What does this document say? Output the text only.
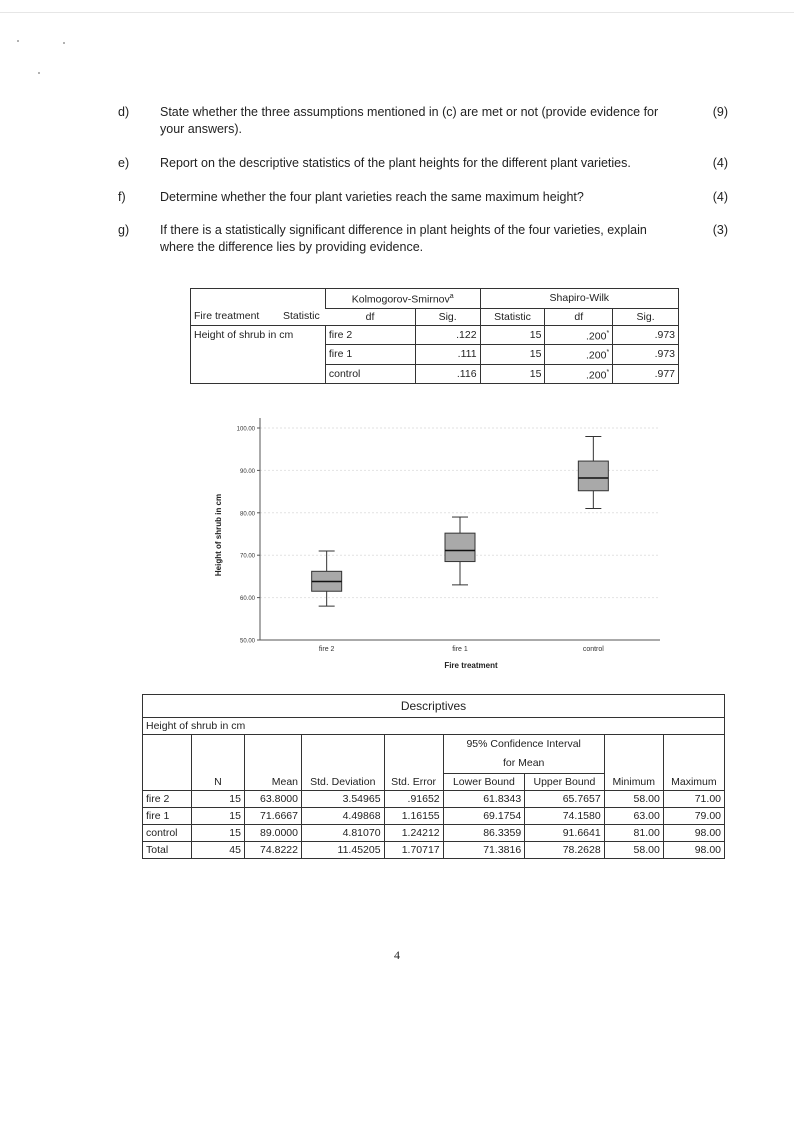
d) State whether the three assumptions mentioned in (c) are met or not (provide evidence for your answers).
(9)
e) Report on the descriptive statistics of the plant heights for the different plant varieties.	(4)
f)	Determine whether the four plant varieties reach the same maximum height?	(4)
g) If there is a statistically significant difference in plant heights of the four varieties, explain where the difference lies by providing evidence.
(3)
		Kolmogorov-Smirnov$^a$		Shapiro-Wilk		
Fire treatment	Statistic	df	Sig.	Statistic	df	Sig.
Height of shrub in cm		fire 2	.122	15	.200*	.973
		fire 1	.111	15	.200*	.973
		control	.116	15	.200*	.977
100.00
90.00
80.00
70.00
60.00
50.00
fire 2	fire 1	control
Fire treatment
Height of shrub in cm
Descriptives								
Height of shrub in cm								
					95% Confidence Interval for Mean			

	N	Mean	Std. Deviation	Std. Error	Lower Bound	Upper Bound	Minimum	Maximum
fire 2	15	63.8000	3.54965	.91652	61.8343	65.7657	58.00	71.00
fire 1	15	71.6667	4.49868	1.16155	69.1754	74.1580	63.00	79.00
control	15	89.0000	4.81070	1.24212	86.3359	91.6641	81.00	98.00
Total	45	74.8222	11.45205	1.70717	71.3816	78.2628	58.00	98.00
4
